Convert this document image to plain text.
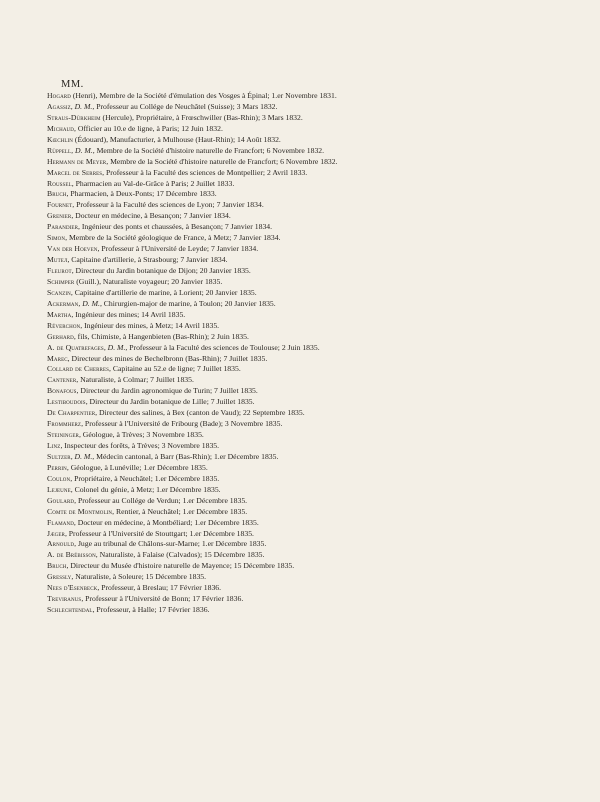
MM.
Hogard (Henri), Membre de la Société d'émulation des Vosges à Épinal; 1.er Novembre 1831.
Agassiz, D. M., Professeur au Collége de Neuchâtel (Suisse); 3 Mars 1832.
Straus-Dürkheim (Hercule), Propriétaire, à Frœschwiller (Bas-Rhin); 3 Mars 1832.
Michaud, Officier au 10.e de ligne, à Paris; 12 Juin 1832.
Kœchlin (Édouard), Manufacturier, à Mulhouse (Haut-Rhin); 14 Août 1832.
Rüppell, D. M., Membre de la Société d'histoire naturelle de Francfort; 6 Novembre 1832.
Hermann de Meyer, Membre de la Société d'histoire naturelle de Francfort; 6 Novembre 1832.
Marcel de Serres, Professeur à la Faculté des sciences de Montpellier; 2 Avril 1833.
Roussel, Pharmacien au Val-de-Grâce à Paris; 2 Juillet 1833.
Bruch, Pharmacien, à Deux-Ponts; 17 Décembre 1833.
Fournet, Professeur à la Faculté des sciences de Lyon; 7 Janvier 1834.
Grenier, Docteur en médecine, à Besançon; 7 Janvier 1834.
Parandier, Ingénieur des ponts et chaussées, à Besançon; 7 Janvier 1834.
Simon, Membre de la Société géologique de France, à Metz; 7 Janvier 1834.
Van der Hoeven, Professeur à l'Université de Leyde; 7 Janvier 1834.
Muteл, Capitaine d'artillerie, à Strasbourg; 7 Janvier 1834.
Fleurot, Directeur du Jardin botanique de Dijon; 20 Janvier 1835.
Schimper (Guill.), Naturaliste voyageur; 20 Janvier 1835.
Scanzin, Capitaine d'artillerie de marine, à Lorient; 20 Janvier 1835.
Ackerman, D. M., Chirurgien-major de marine, à Toulon; 20 Janvier 1835.
Martha, Ingénieur des mines; 14 Avril 1835.
Réverchon, Ingénieur des mines, à Metz; 14 Avril 1835.
Gerhard, fils, Chimiste, à Hangenbieten (Bas-Rhin); 2 Juin 1835.
A. de Quatrefages, D. M., Professeur à la Faculté des sciences de Toulouse; 2 Juin 1835.
Marec, Directeur des mines de Bechelbronn (Bas-Rhin); 7 Juillet 1835.
Collard de Cherres, Capitaine au 52.e de ligne; 7 Juillet 1835.
Cantener, Naturaliste, à Colmar; 7 Juillet 1835.
Bonafous, Directeur du Jardin agronomique de Turin; 7 Juillet 1835.
Lestiboudois, Directeur du Jardin botanique de Lille; 7 Juillet 1835.
De Charpentier, Directeur des salines, à Bex (canton de Vaud); 22 Septembre 1835.
Frommherz, Professeur à l'Université de Fribourg (Bade); 3 Novembre 1835.
Steininger, Géologue, à Trèves; 3 Novembre 1835.
Linz, Inspecteur des forêts, à Trèves; 3 Novembre 1835.
Sultzer, D. M., Médecin cantonal, à Barr (Bas-Rhin); 1.er Décembre 1835.
Perrin, Géologue, à Lunéville; 1.er Décembre 1835.
Coulon, Propriétaire, à Neuchâtel; 1.er Décembre 1835.
Lejeune, Colonel du génie, à Metz; 1.er Décembre 1835.
Goulard, Professeur au Collége de Verdun; 1.er Décembre 1835.
Comte de Montmolin, Rentier, à Neuchâtel; 1.er Décembre 1835.
Flamand, Docteur en médecine, à Montbéliard; 1.er Décembre 1835.
Jæger, Professeur à l'Université de Stouttgart; 1.er Décembre 1835.
Arnould, Juge au tribunal de Châlons-sur-Marne; 1.er Décembre 1835.
A. de Brébisson, Naturaliste, à Falaise (Calvados); 15 Décembre 1835.
Bruch, Directeur du Musée d'histoire naturelle de Mayence; 15 Décembre 1835.
Gressly, Naturaliste, à Soleure; 15 Décembre 1835.
Nees d'Esenbeck, Professeur, à Breslau; 17 Février 1836.
Treviranus, Professeur à l'Université de Bonn; 17 Février 1836.
Schlechtendal, Professeur, à Halle; 17 Février 1836.
